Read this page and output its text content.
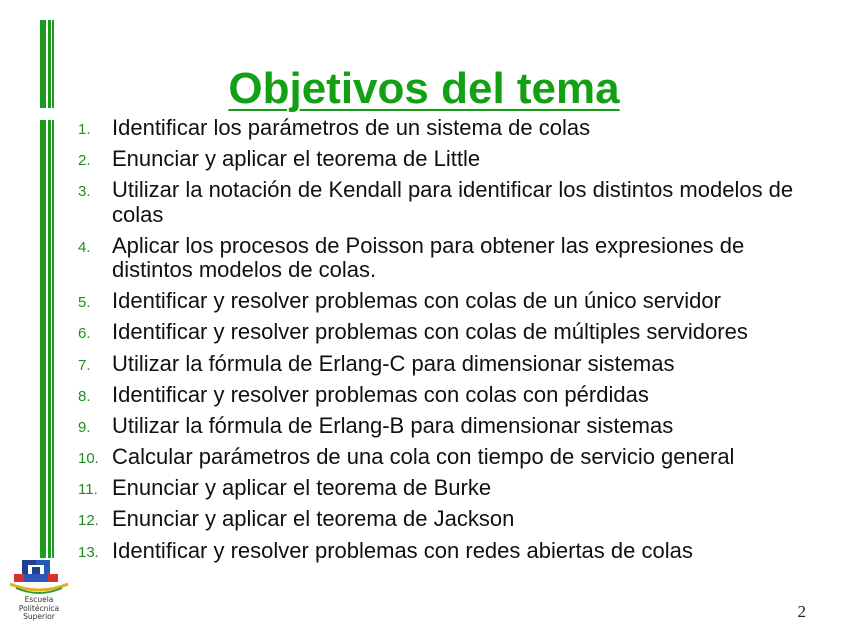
Objetivos del tema
1. Identificar los parámetros de un sistema de colas
2. Enunciar y aplicar el teorema de Little
3. Utilizar la notación de Kendall para identificar los distintos modelos de colas
4. Aplicar los procesos de Poisson para obtener las expresiones de distintos modelos de colas.
5. Identificar y resolver problemas con colas de un único servidor
6. Identificar y resolver problemas con colas de múltiples servidores
7. Utilizar la fórmula de Erlang-C para dimensionar sistemas
8. Identificar y resolver problemas con colas con pérdidas
9. Utilizar la fórmula de Erlang-B para dimensionar sistemas
10. Calcular parámetros de una cola con tiempo de servicio general
11. Enunciar y aplicar el teorema de Burke
12. Enunciar y aplicar el teorema de Jackson
13. Identificar y resolver problemas con redes abiertas de colas
Escuela
Politécnica
Superior	2
